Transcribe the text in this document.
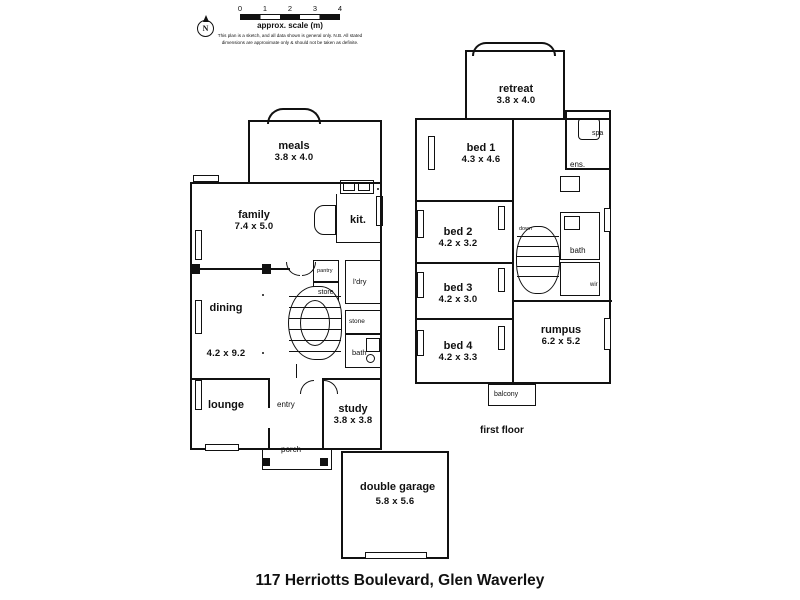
N
0	1	2	3	4
approx. scale (m)
This plan is a sketch, and all data shown is general only. N.B. All stated dimensions are approximate only & should not be taken as definite.
meals
3.8 x 4.0
family
7.4 x 5.0
kit.
dining
4.2 x 9.2
lounge	study
3.8 x 3.8
double garage
5.8 x 5.6
pantry
store
l'dry
stone
bath
entry
porch
down
retreat
3.8 x 4.0
bed 1
4.3 x 4.6
bed 2
4.2 x 3.2
bed 3
4.2 x 3.0
bed 4
4.2 x 3.3
rumpus
6.2 x 5.2
spa
ens.
bath
wir
balcony
first floor
117 Herriotts Boulevard, Glen Waverley
